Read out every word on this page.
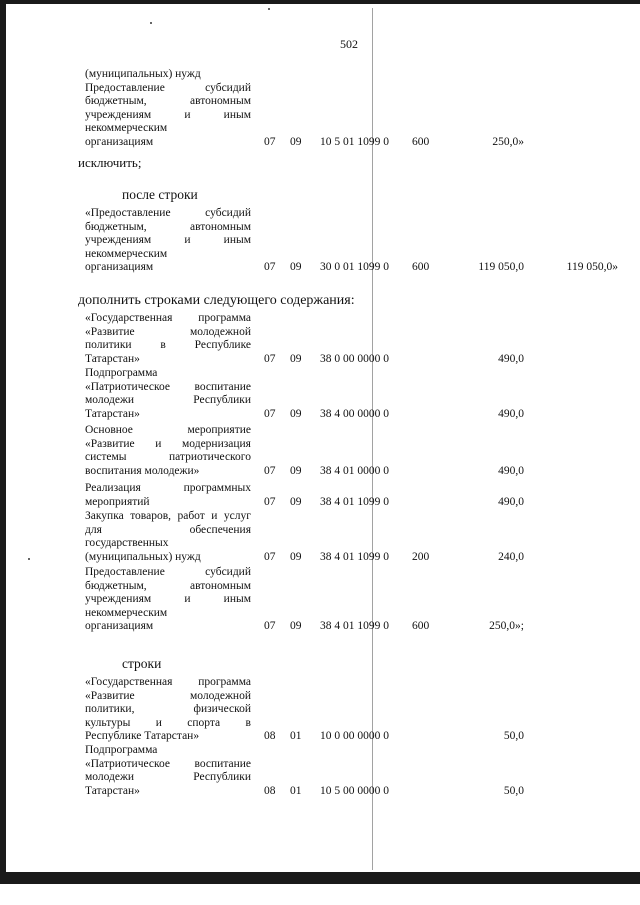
502
(муниципальных) нужд
Предоставление	субсидий
бюджетным,	автономным
учреждениям	и	иным
некоммерческим
организациям	07 09 10 5 01 1099 0 600	250,0»
исключить;
после строки
«Предоставление	субсидий
бюджетным,	автономным
учреждениям	и	иным
некоммерческим
организациям	07 09 30 0 01 1099 0 600	119 050,0	119 050,0»
дополнить строками следующего содержания:
«Государственная программа
«Развитие	молодежной
политики	в	Республике
Татарстан»	07 09 38 0 00 0000 0	490,0
Подпрограмма
«Патриотическое воспитание
молодежи	Республики
Татарстан»	07 09 38 4 00 0000 0	490,0
Основное	мероприятие
«Развитие и модернизация
системы	патриотического
воспитания молодежи»	07 09 38 4 01 0000 0	490,0
Реализация	программных
мероприятий	07 09 38 4 01 1099 0	490,0
Закупка товаров, работ и услуг
для	обеспечения
государственных
(муниципальных) нужд	07 09 38 4 01 1099 0 200	240,0
Предоставление	субсидий
бюджетным,	автономным
учреждениям	и	иным
некоммерческим
организациям	07 09 38 4 01 1099 0 600	250,0»;
строки
«Государственная программа
«Развитие	молодежной
политики,	физической
культуры и спорта в
Республике Татарстан»	08 01 10 0 00 0000 0	50,0
Подпрограмма
«Патриотическое воспитание
молодежи	Республики
Татарстан»	08 01 10 5 00 0000 0	50,0
